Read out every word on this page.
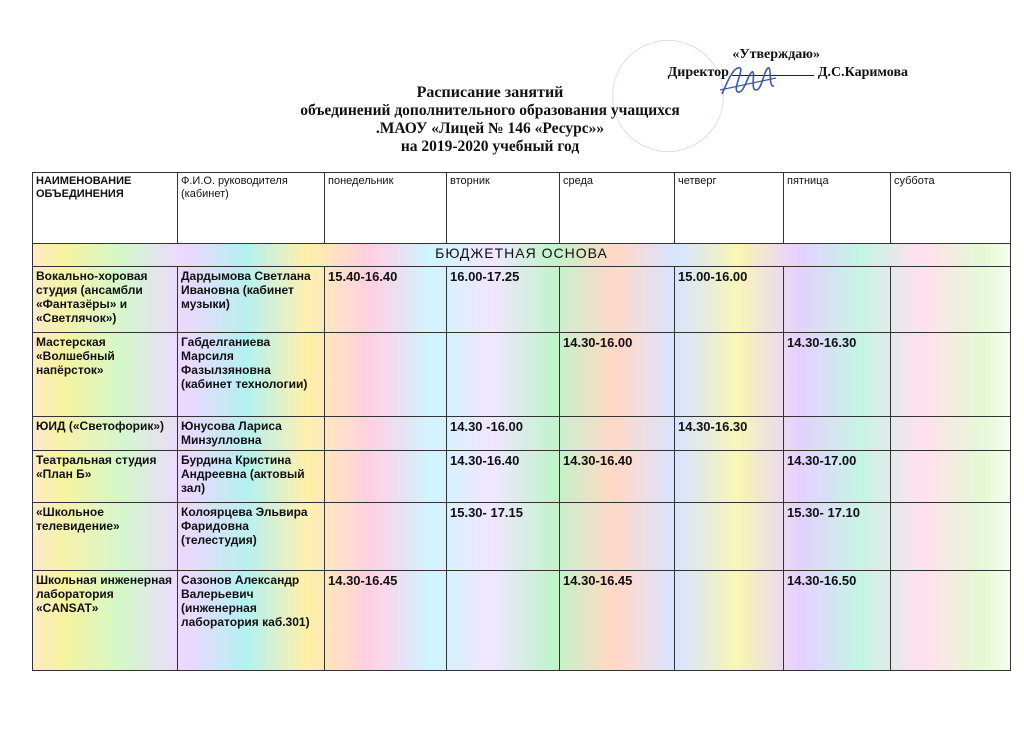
«Утверждаю»
Директор	Д.С.Каримова
Расписание занятий
объединений дополнительного образования учащихся
.МАОУ «Лицей № 146 «Ресурс»»
на 2019-2020 учебный год
НАИМЕНОВАНИЕ ОБЪЕДИНЕНИЯ	Ф.И.О. руководителя (кабинет)	понедельник	вторник	среда	четверг	пятница	суббота
БЮДЖЕТНАЯ ОСНОВА							
Вокально-хоровая студия (ансамбли «Фантазёры» и «Светлячок»)	Дардымова Светлана Ивановна (кабинет музыки)	15.40-16.40	16.00-17.25		15.00-16.00		
Мастерская «Волшебный напёрсток»	Габделганиева Марсиля Фазылзяновна (кабинет технологии)			14.30-16.00		14.30-16.30	
ЮИД («Светофорик»)	Юнусова Лариса Минзулловна		14.30 -16.00		14.30-16.30		
Театральная студия «План Б»	Бурдина Кристина Андреевна (актовый зал)		14.30-16.40	14.30-16.40		14.30-17.00	
«Школьное телевидение»	Колоярцева Эльвира Фаридовна (телестудия)		15.30- 17.15			15.30- 17.10	
Школьная инженерная лаборатория «CANSAT»	Сазонов Александр Валерьевич (инженерная лаборатория каб.301)	14.30-16.45		14.30-16.45		14.30-16.50	
